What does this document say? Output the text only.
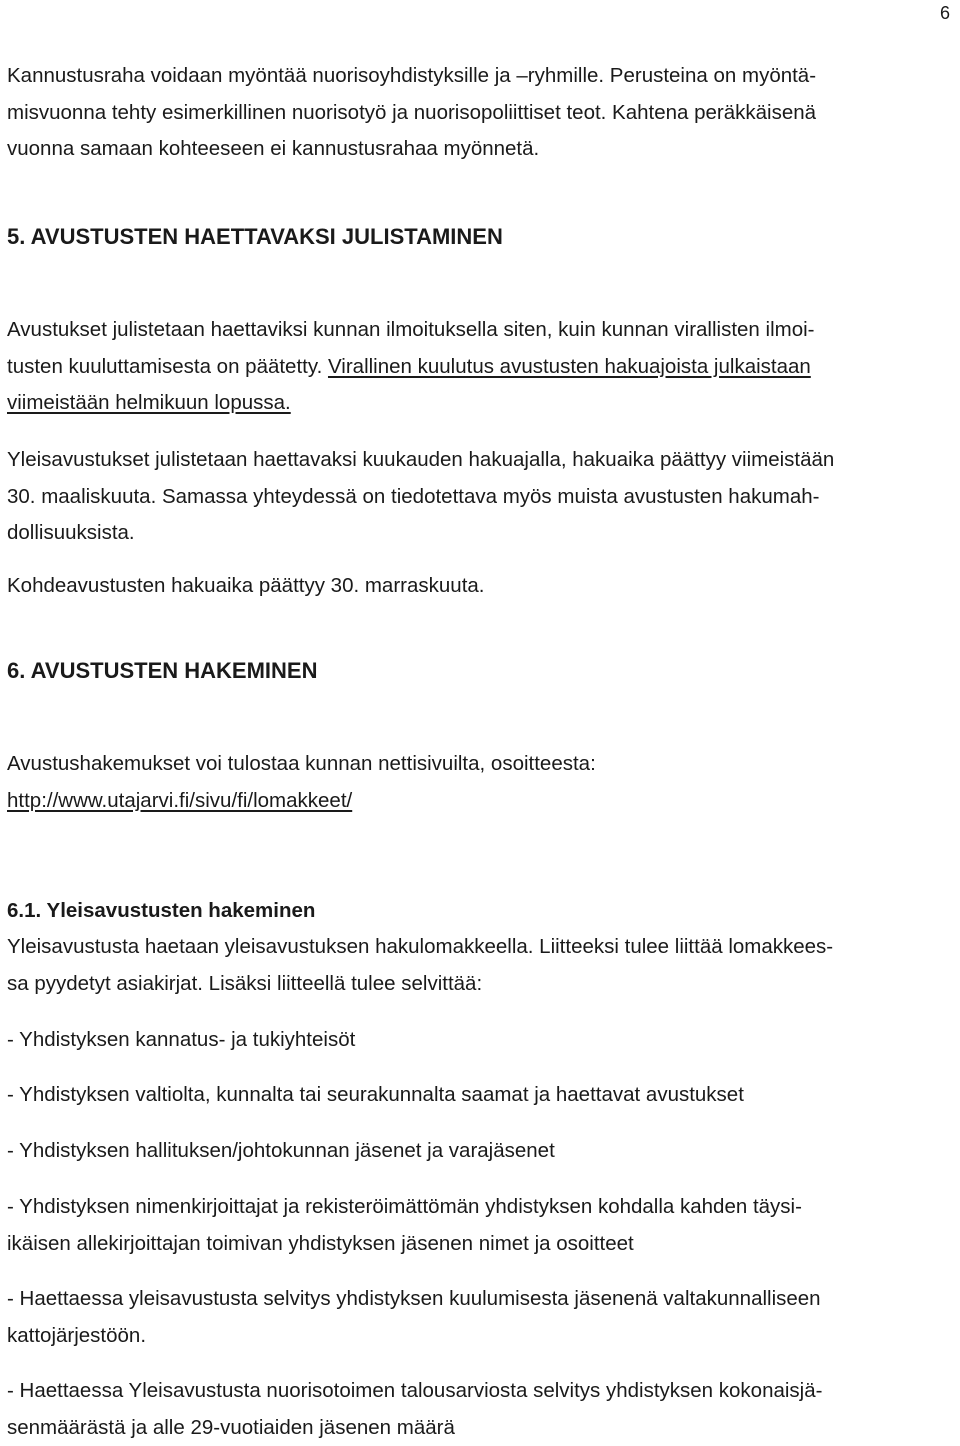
6
Kannustusraha voidaan myöntää nuorisoyhdistyksille ja –ryhmille. Perusteina on myöntä-
misvuonna tehty esimerkillinen nuorisotyö ja nuorisopoliittiset teot. Kahtena peräkkäisenä
vuonna samaan kohteeseen ei kannustusrahaa myönnetä.
5. AVUSTUSTEN HAETTAVAKSI JULISTAMINEN
Avustukset julistetaan haettaviksi kunnan ilmoituksella siten, kuin kunnan virallisten ilmoi-
tusten kuuluttamisesta on päätetty. Virallinen kuulutus avustusten hakuajoista julkaistaan
viimeistään helmikuun lopussa.
Yleisavustukset julistetaan haettavaksi kuukauden hakuajalla, hakuaika päättyy viimeistään
30. maaliskuuta. Samassa yhteydessä on tiedotettava myös muista avustusten hakumah-
dollisuuksista.
Kohdeavustusten hakuaika päättyy 30. marraskuuta.
6. AVUSTUSTEN HAKEMINEN
Avustushakemukset voi tulostaa kunnan nettisivuilta, osoitteesta:
http://www.utajarvi.fi/sivu/fi/lomakkeet/
6.1. Yleisavustusten hakeminen
Yleisavustusta haetaan yleisavustuksen hakulomakkeella. Liitteeksi tulee liittää lomakkees-
sa pyydetyt asiakirjat. Lisäksi liitteellä tulee selvittää:
- Yhdistyksen kannatus- ja tukiyhteisöt
- Yhdistyksen valtiolta, kunnalta tai seurakunnalta saamat ja haettavat avustukset
- Yhdistyksen hallituksen/johtokunnan jäsenet ja varajäsenet
- Yhdistyksen nimenkirjoittajat ja rekisteröimättömän yhdistyksen kohdalla kahden täysi-
ikäisen allekirjoittajan toimivan yhdistyksen jäsenen nimet ja osoitteet
- Haettaessa yleisavustusta selvitys yhdistyksen kuulumisesta jäsenenä valtakunnalliseen
kattojärjestöön.
- Haettaessa Yleisavustusta nuorisotoimen talousarviosta selvitys yhdistyksen kokonaisjä-
senmäärästä ja alle 29-vuotiaiden jäsenen määrä
